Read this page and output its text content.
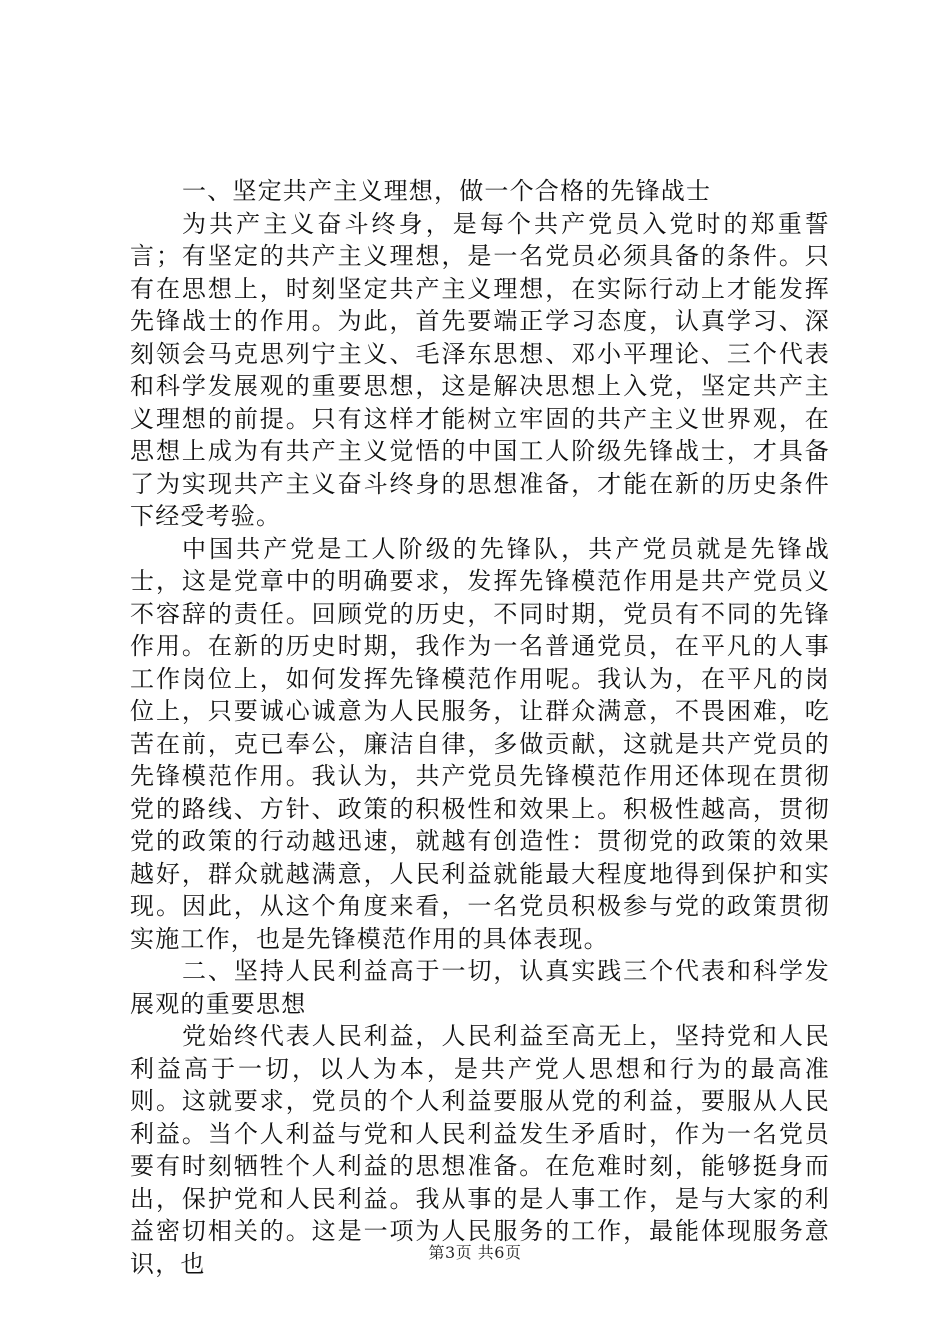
一、坚定共产主义理想，做一个合格的先锋战士

为共产主义奋斗终身，是每个共产党员入党时的郑重誓言；有坚定的共产主义理想，是一名党员必须具备的条件。只有在思想上，时刻坚定共产主义理想，在实际行动上才能发挥先锋战士的作用。为此，首先要端正学习态度，认真学习、深刻领会马克思列宁主义、毛泽东思想、邓小平理论、三个代表和科学发展观的重要思想，这是解决思想上入党，坚定共产主义理想的前提。只有这样才能树立牢固的共产主义世界观，在思想上成为有共产主义觉悟的中国工人阶级先锋战士，才具备了为实现共产主义奋斗终身的思想准备，才能在新的历史条件下经受考验。

中国共产党是工人阶级的先锋队，共产党员就是先锋战士，这是党章中的明确要求，发挥先锋模范作用是共产党员义不容辞的责任。回顾党的历史，不同时期，党员有不同的先锋作用。在新的历史时期，我作为一名普通党员，在平凡的人事工作岗位上，如何发挥先锋模范作用呢。我认为，在平凡的岗位上，只要诚心诚意为人民服务，让群众满意，不畏困难，吃苦在前，克已奉公，廉洁自律，多做贡献，这就是共产党员的先锋模范作用。我认为，共产党员先锋模范作用还体现在贯彻党的路线、方针、政策的积极性和效果上。积极性越高，贯彻党的政策的行动越迅速，就越有创造性：贯彻党的政策的效果越好，群众就越满意，人民利益就能最大程度地得到保护和实现。因此，从这个角度来看，一名党员积极参与党的政策贯彻实施工作，也是先锋模范作用的具体表现。

二、坚持人民利益高于一切，认真实践三个代表和科学发展观的重要思想

党始终代表人民利益，人民利益至高无上，坚持党和人民利益高于一切，以人为本，是共产党人思想和行为的最高准则。这就要求，党员的个人利益要服从党的利益，要服从人民利益。当个人利益与党和人民利益发生矛盾时，作为一名党员要有时刻牺牲个人利益的思想准备。在危难时刻，能够挺身而出，保护党和人民利益。我从事的是人事工作，是与大家的利益密切相关的。这是一项为人民服务的工作，最能体现服务意识，也	第3页 共6页
